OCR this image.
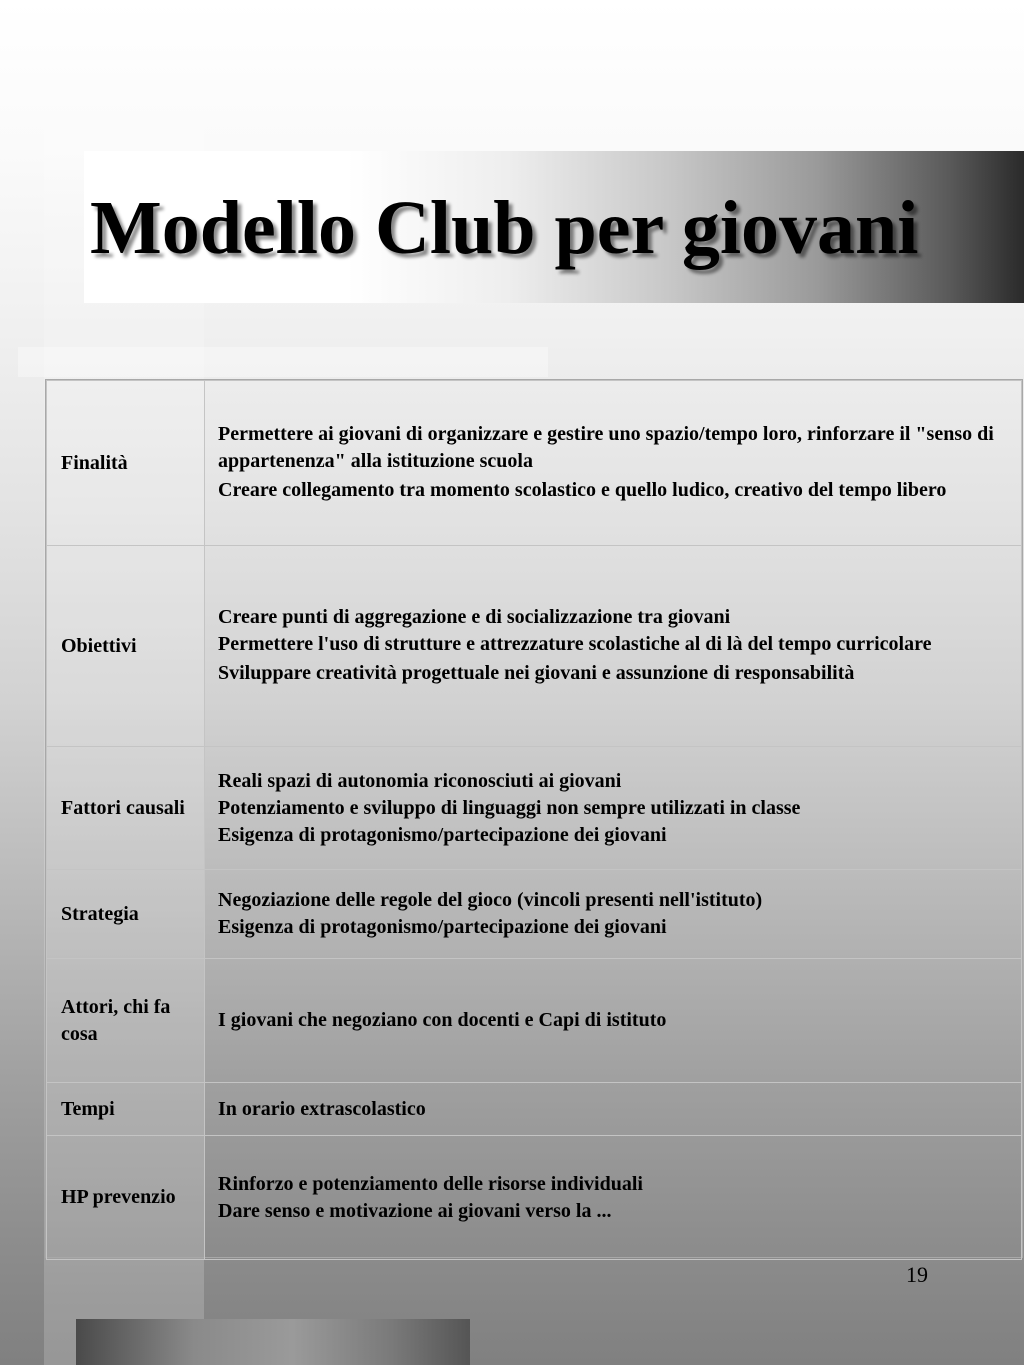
Modello Club per giovani
Finalità	Permettere ai giovani di organizzare e gestire uno spazio/tempo loro, rinforzare il "senso di appartenenza" alla istituzione scuola
Creare collegamento tra momento scolastico e quello ludico, creativo del tempo libero

Obiettivi	Creare punti di aggregazione e di socializzazione tra giovani
Permettere l'uso di strutture e attrezzature scolastiche al di là del tempo curricolare
Sviluppare creatività progettuale nei giovani e assunzione di responsabilità

Fattori causali	Reali spazi di autonomia riconosciuti ai giovani
Potenziamento e sviluppo di linguaggi non sempre utilizzati in classe
Esigenza di protagonismo/partecipazione dei giovani

Strategia	Negoziazione delle regole del gioco (vincoli presenti nell'istituto)
Esigenza di protagonismo/partecipazione dei giovani

Attori, chi fa cosa	I giovani che negoziano con docenti e Capi di istituto

Tempi	In orario extrascolastico

HP prevenzio	Rinforzo e potenziamento delle risorse individuali
Dare senso e motivazione ai giovani verso la ...
19
